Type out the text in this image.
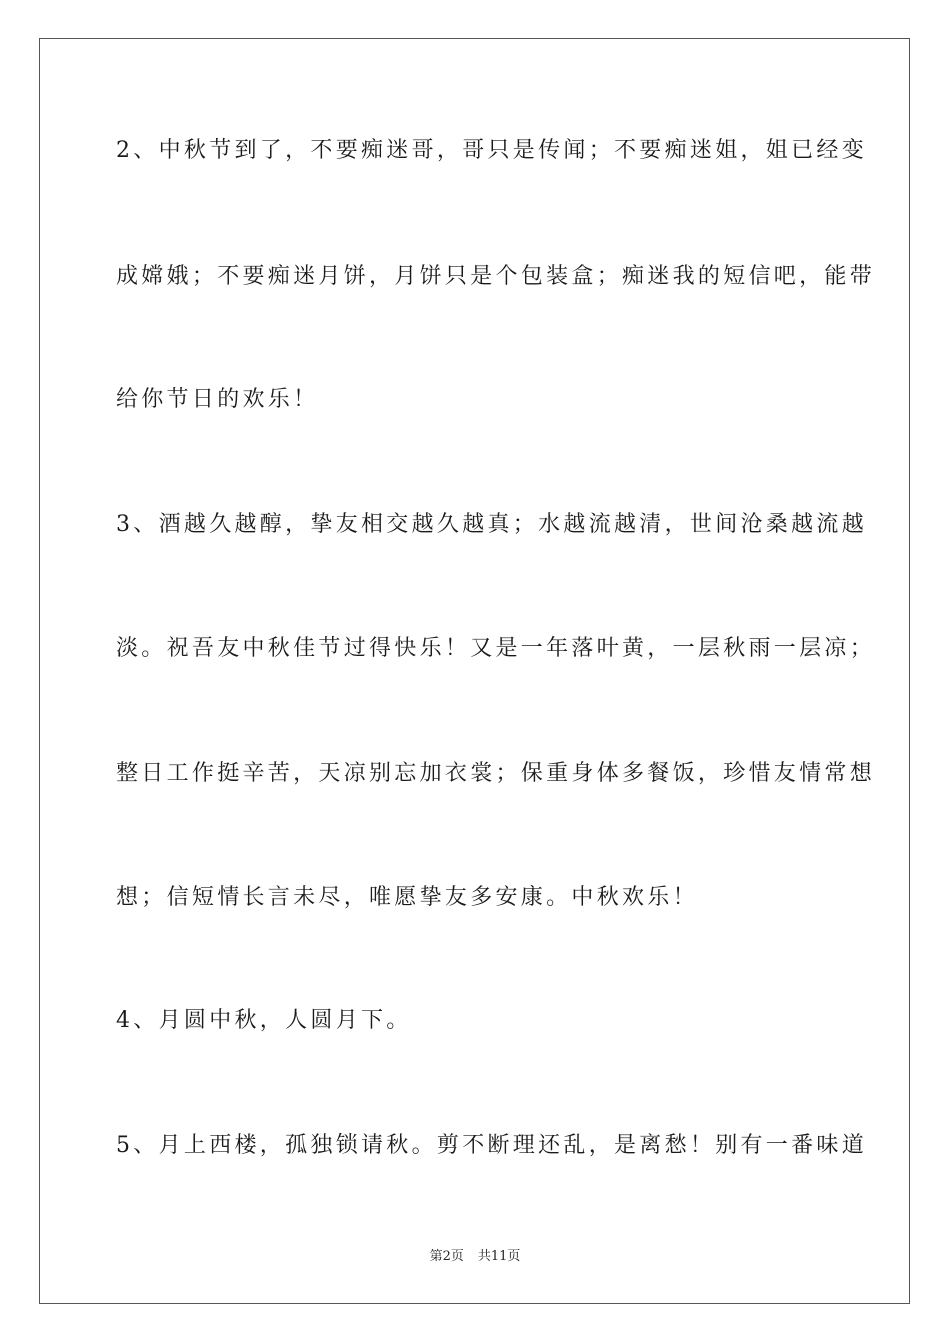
2、中秋节到了，不要痴迷哥，哥只是传闻；不要痴迷姐，姐已经变
成嫦娥；不要痴迷月饼，月饼只是个包装盒；痴迷我的短信吧，能带
给你节日的欢乐！
3、酒越久越醇，挚友相交越久越真；水越流越清，世间沧桑越流越
淡。祝吾友中秋佳节过得快乐！又是一年落叶黄，一层秋雨一层凉；
整日工作挺辛苦，天凉别忘加衣裳；保重身体多餐饭，珍惜友情常想
想；信短情长言未尽，唯愿挚友多安康。中秋欢乐！
4、月圆中秋，人圆月下。
5、月上西楼，孤独锁请秋。剪不断理还乱，是离愁！别有一番味道
第2页 共11页
